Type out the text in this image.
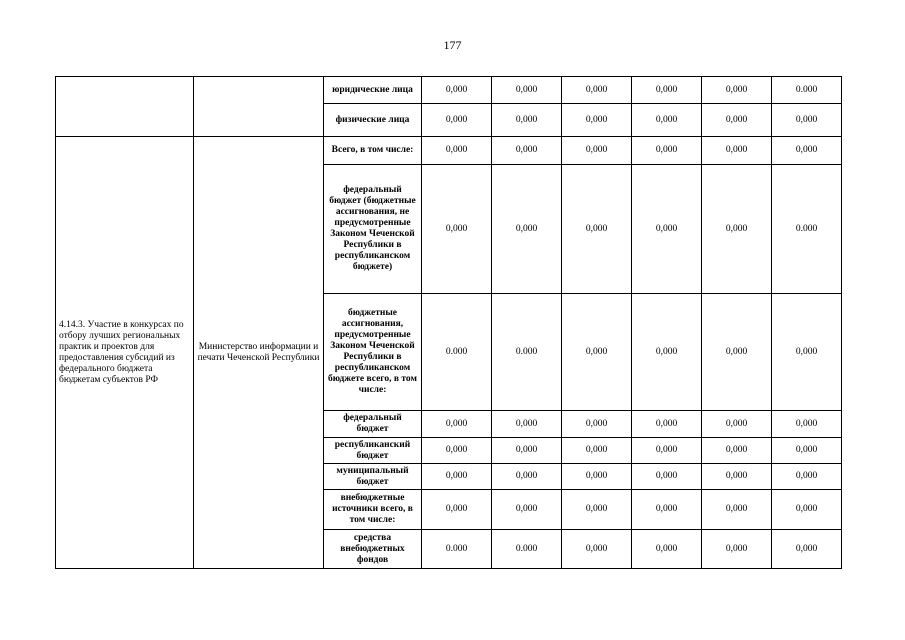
177
		юридические лица	0,000	0,000	0,000	0,000	0,000	0.000
		физические лица	0,000	0,000	0,000	0,000	0,000	0,000
4.14.3. Участие в конкурсах по отбору лучших региональных практик и проектов для предоставления субсидий из федерального бюджета бюджетам субъектов РФ	Министерство информации и печати Чеченской Республики	Всего, в том числе:	0,000	0,000	0,000	0,000	0,000	0,000
		федеральный бюджет (бюджетные ассигнования, не предусмотренные Законом Чеченской Республики в республиканском бюджете)	0,000	0,000	0,000	0,000	0,000	0.000
		бюджетные ассигнования, предусмотренные Законом Чеченской Республики в республиканском бюджете всего, в том числе:	0.000	0.000	0,000	0,000	0,000	0,000
		федеральный бюджет	0,000	0,000	0,000	0,000	0,000	0,000
		республиканский бюджет	0,000	0,000	0,000	0,000	0,000	0,000
		муниципальный бюджет	0,000	0,000	0,000	0,000	0,000	0,000
		внебюджетные источники всего, в том числе:	0,000	0,000	0,000	0,000	0,000	0,000
		средства внебюджетных фондов	0.000	0.000	0,000	0,000	0,000	0,000
